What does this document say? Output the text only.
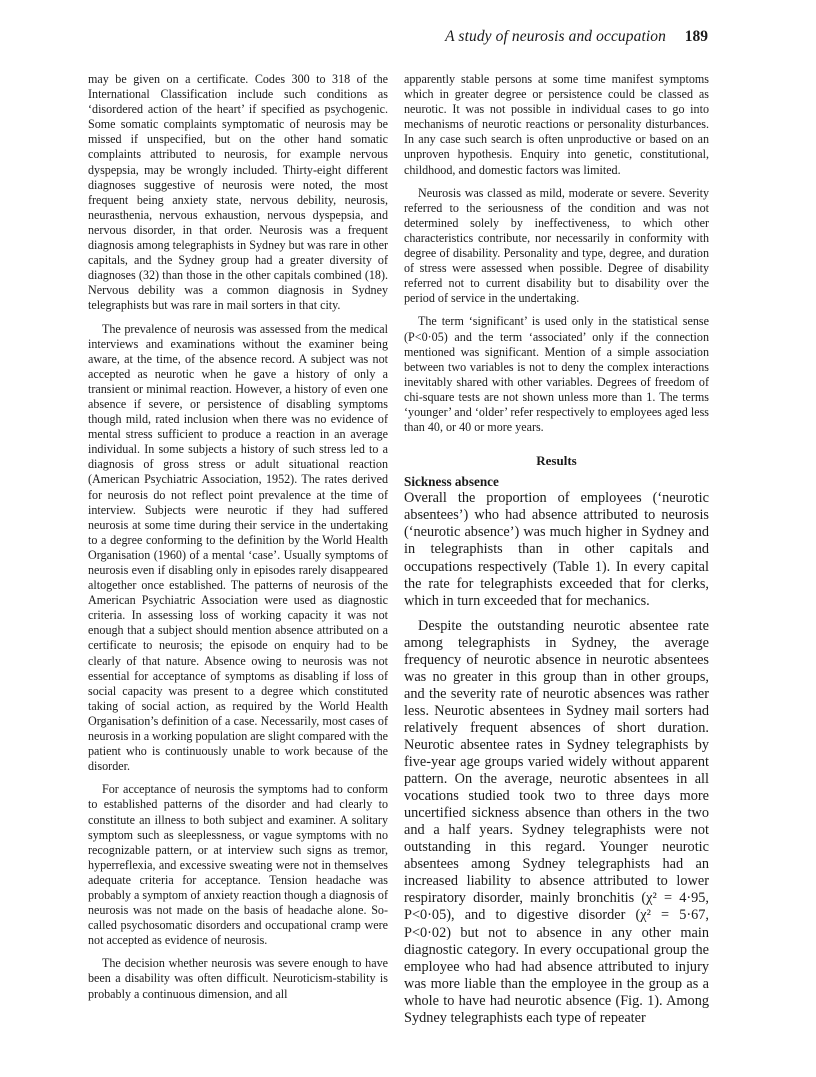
A study of neurosis and occupation 189

may be given on a certificate. Codes 300 to 318 of the International Classification include such conditions as ‘disordered action of the heart’ if specified as psychogenic. Some somatic complaints symptomatic of neurosis may be missed if unspecified, but on the other hand somatic complaints attributed to neurosis, for example nervous dyspepsia, may be wrongly included. Thirty-eight different diagnoses suggestive of neurosis were noted, the most frequent being anxiety state, nervous debility, neurosis, neurasthenia, nervous exhaustion, nervous dyspepsia, and nervous disorder, in that order. Neurosis was a frequent diagnosis among telegraphists in Sydney but was rare in other capitals, and the Sydney group had a greater diversity of diagnoses (32) than those in the other capitals combined (18). Nervous debility was a common diagnosis in Sydney telegraphists but was rare in mail sorters in that city.

The prevalence of neurosis was assessed from the medical interviews and examinations without the examiner being aware, at the time, of the absence record. A subject was not accepted as neurotic when he gave a history of only a transient or minimal reaction. However, a history of even one absence if severe, or persistence of disabling symptoms though mild, rated inclusion when there was no evidence of mental stress sufficient to produce a reaction in an average individual. In some subjects a history of such stress led to a diagnosis of gross stress or adult situational reaction (American Psychiatric Association, 1952). The rates derived for neurosis do not reflect point prevalence at the time of interview. Subjects were neurotic if they had suffered neurosis at some time during their service in the undertaking to a degree conforming to the definition by the World Health Organisation (1960) of a mental ‘case’. Usually symptoms of neurosis even if disabling only in episodes rarely disappeared altogether once established. The patterns of neurosis of the American Psychiatric Association were used as diagnostic criteria. In assessing loss of working capacity it was not enough that a subject should mention absence attributed on a certificate to neurosis; the episode on enquiry had to be clearly of that nature. Absence owing to neurosis was not essential for acceptance of symptoms as disabling if loss of social capacity was present to a degree which constituted taking of social action, as required by the World Health Organisation’s definition of a case. Necessarily, most cases of neurosis in a working population are slight compared with the patient who is continuously unable to work because of the disorder.

For acceptance of neurosis the symptoms had to conform to established patterns of the disorder and had clearly to constitute an illness to both subject and examiner. A solitary symptom such as sleeplessness, or vague symptoms with no recognizable pattern, or at interview such signs as tremor, hyperreflexia, and excessive sweating were not in themselves adequate criteria for acceptance. Tension headache was probably a symptom of anxiety reaction though a diagnosis of neurosis was not made on the basis of headache alone. So-called psychosomatic disorders and occupational cramp were not accepted as evidence of neurosis.

The decision whether neurosis was severe enough to have been a disability was often difficult. Neuroticism-stability is probably a continuous dimension, and all

apparently stable persons at some time manifest symptoms which in greater degree or persistence could be classed as neurotic. It was not possible in individual cases to go into mechanisms of neurotic reactions or personality disturbances. In any case such search is often unproductive or based on an unproven hypothesis. Enquiry into genetic, constitutional, childhood, and domestic factors was limited.

Neurosis was classed as mild, moderate or severe. Severity referred to the seriousness of the condition and was not determined solely by ineffectiveness, to which other characteristics contribute, nor necessarily in conformity with degree of disability. Personality and type, degree, and duration of stress were assessed when possible. Degree of disability referred not to current disability but to disability over the period of service in the undertaking.

The term ‘significant’ is used only in the statistical sense (P<0·05) and the term ‘associated’ only if the connection mentioned was significant. Mention of a simple association between two variables is not to deny the complex interactions inevitably shared with other variables. Degrees of freedom of chi-square tests are not shown unless more than 1. The terms ‘younger’ and ‘older’ refer respectively to employees aged less than 40, or 40 or more years.

Results
Sickness absence

Overall the proportion of employees (‘neurotic absentees’) who had absence attributed to neurosis (‘neurotic absence’) was much higher in Sydney and in telegraphists than in other capitals and occupations respectively (Table 1). In every capital the rate for telegraphists exceeded that for clerks, which in turn exceeded that for mechanics.

Despite the outstanding neurotic absentee rate among telegraphists in Sydney, the average frequency of neurotic absence in neurotic absentees was no greater in this group than in other groups, and the severity rate of neurotic absences was rather less. Neurotic absentees in Sydney mail sorters had relatively frequent absences of short duration. Neurotic absentee rates in Sydney telegraphists by five-year age groups varied widely without apparent pattern. On the average, neurotic absentees in all vocations studied took two to three days more uncertified sickness absence than others in the two and a half years. Sydney telegraphists were not outstanding in this regard. Younger neurotic absentees among Sydney telegraphists had an increased liability to absence attributed to lower respiratory disorder, mainly bronchitis (χ² = 4·95, P<0·05), and to digestive disorder (χ² = 5·67, P<0·02) but not to absence in any other main diagnostic category. In every occupational group the employee who had had absence attributed to injury was more liable than the employee in the group as a whole to have had neurotic absence (Fig. 1). Among Sydney telegraphists each type of repeater
